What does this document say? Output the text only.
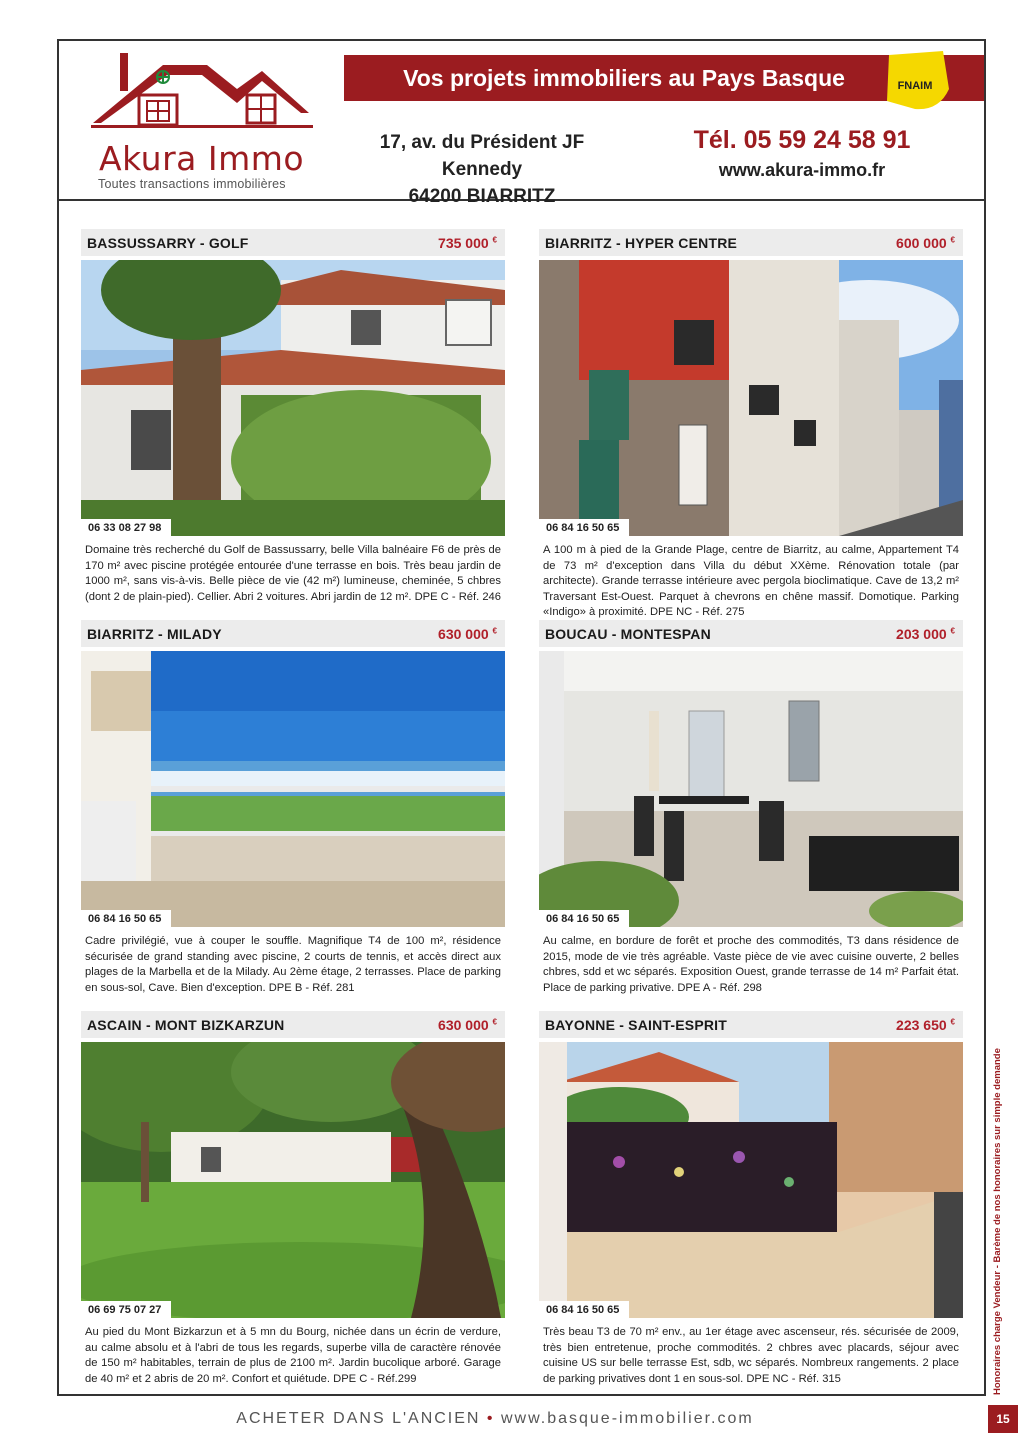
Akura Immo
Toutes transactions immobilières
Vos projets immobiliers au Pays Basque	FNAIM
17, av. du Président JF Kennedy
64200 BIARRITZ
Tél. 05 59 24 58 91
www.akura-immo.fr
BASSUSSARRY - GOLF	735 000 €
06 33 08 27 98
Domaine très recherché du Golf de Bassussarry, belle Villa balnéaire F6 de près de 170 m² avec piscine protégée entourée d'une terrasse en bois. Très beau jardin de 1000 m², sans vis-à-vis. Belle pièce de vie (42 m²) lumineuse, cheminée, 5 chbres (dont 2 de plain-pied). Cellier. Abri 2 voitures. Abri jardin de 12 m². DPE C - Réf. 246
BIARRITZ - HYPER CENTRE	600 000 €
06 84 16 50 65
A 100 m à pied de la Grande Plage, centre de Biarritz, au calme, Appartement T4 de 73 m² d'exception dans Villa du début XXème. Rénovation totale (par architecte). Grande terrasse intérieure avec pergola bioclimatique. Cave de 13,2 m² Traversant Est-Ouest. Parquet à chevrons en chêne massif. Domotique. Parking «Indigo» à proximité. DPE NC - Réf. 275
BIARRITZ - MILADY	630 000 €
06 84 16 50 65
Cadre privilégié, vue à couper le souffle. Magnifique T4 de 100 m², résidence sécurisée de grand standing avec piscine, 2 courts de tennis, et accès direct aux plages de la Marbella et de la Milady. Au 2ème étage, 2 terrasses. Place de parking en sous-sol, Cave. Bien d'exception. DPE B - Réf. 281
BOUCAU - MONTESPAN	203 000 €
06 84 16 50 65
Au calme, en bordure de forêt et proche des commodités, T3 dans résidence de 2015, mode de vie très agréable. Vaste pièce de vie avec cuisine ouverte, 2 belles chbres, sdd et wc séparés. Exposition Ouest, grande terrasse de 14 m² Parfait état. Place de parking privative. DPE A - Réf. 298
ASCAIN - MONT BIZKARZUN	630 000 €
06 69 75 07 27
Au pied du Mont Bizkarzun et à 5 mn du Bourg, nichée dans un écrin de verdure, au calme absolu et à l'abri de tous les regards, superbe villa de caractère rénovée de 150 m² habitables, terrain de plus de 2100 m². Jardin bucolique arboré. Garage de 40 m² et 2 abris de 20 m². Confort et quiétude. DPE C - Réf.299
BAYONNE - SAINT-ESPRIT	223 650 €
06 84 16 50 65
Très beau T3 de 70 m² env., au 1er étage avec ascenseur, rés. sécurisée de 2009, très bien entretenue, proche commodités. 2 chbres avec placards, séjour avec cuisine US sur belle terrasse Est, sdb, wc séparés. Nombreux rangements. 2 place de parking privatives dont 1 en sous-sol. DPE NC - Réf. 315	Honoraires charge Vendeur - Barème de nos honoraires sur simple demande
ACHETER DANS L'ANCIEN • www.basque-immobilier.com	15
